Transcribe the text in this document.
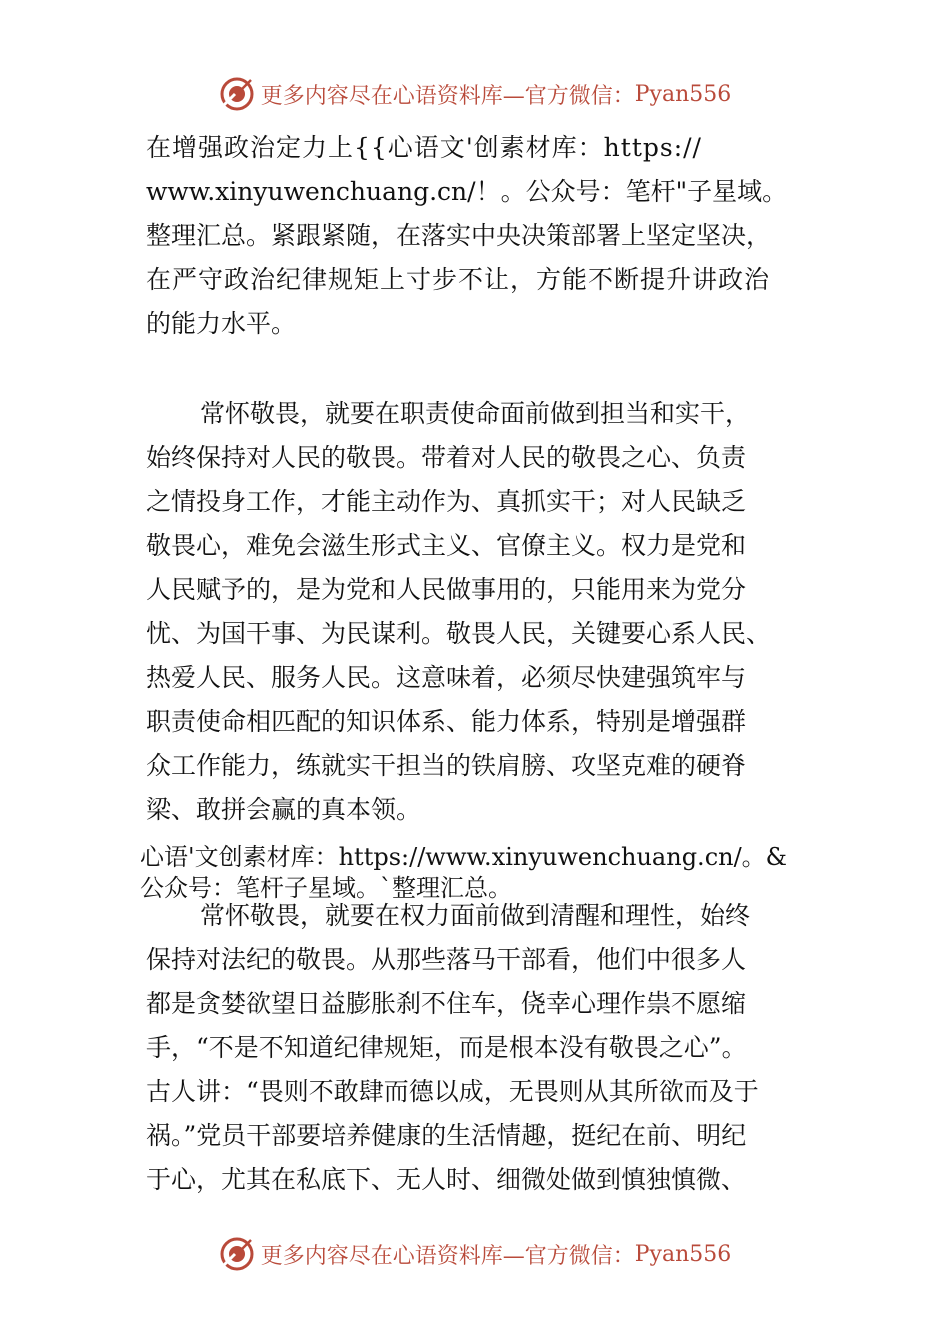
更多内容尽在心语资料库—官方微信： Pyan556
在增强政治定力上{{心语文'创素材库：https://
www.xinyuwenchuang.cn/！。公众号：笔杆"子星域。
整理汇总。紧跟紧随，在落实中央决策部署上坚定坚决，
在严守政治纪律规矩上寸步不让，方能不断提升讲政治
的能力水平。
常怀敬畏，就要在职责使命面前做到担当和实干，
始终保持对人民的敬畏。带着对人民的敬畏之心、负责
之情投身工作，才能主动作为、真抓实干；对人民缺乏
敬畏心，难免会滋生形式主义、官僚主义。权力是党和
人民赋予的，是为党和人民做事用的，只能用来为党分
忧、为国干事、为民谋利。敬畏人民，关键要心系人民、
热爱人民、服务人民。这意味着，必须尽快建强筑牢与
职责使命相匹配的知识体系、能力体系，特别是增强群
众工作能力，练就实干担当的铁肩膀、攻坚克难的硬脊
梁、敢拼会赢的真本领。
心语'文创素材库：https://www.xinyuwenchuang.cn/。&
公众号：笔杆子星域。`整理汇总。
常怀敬畏，就要在权力面前做到清醒和理性，始终
保持对法纪的敬畏。从那些落马干部看，他们中很多人
都是贪婪欲望日益膨胀刹不住车，侥幸心理作祟不愿缩
手，“不是不知道纪律规矩，而是根本没有敬畏之心”。
古人讲：“畏则不敢肆而德以成，无畏则从其所欲而及于
祸。”党员干部要培养健康的生活情趣，挺纪在前、明纪
于心，尤其在私底下、无人时、细微处做到慎独慎微、
更多内容尽在心语资料库—官方微信： Pyan556
